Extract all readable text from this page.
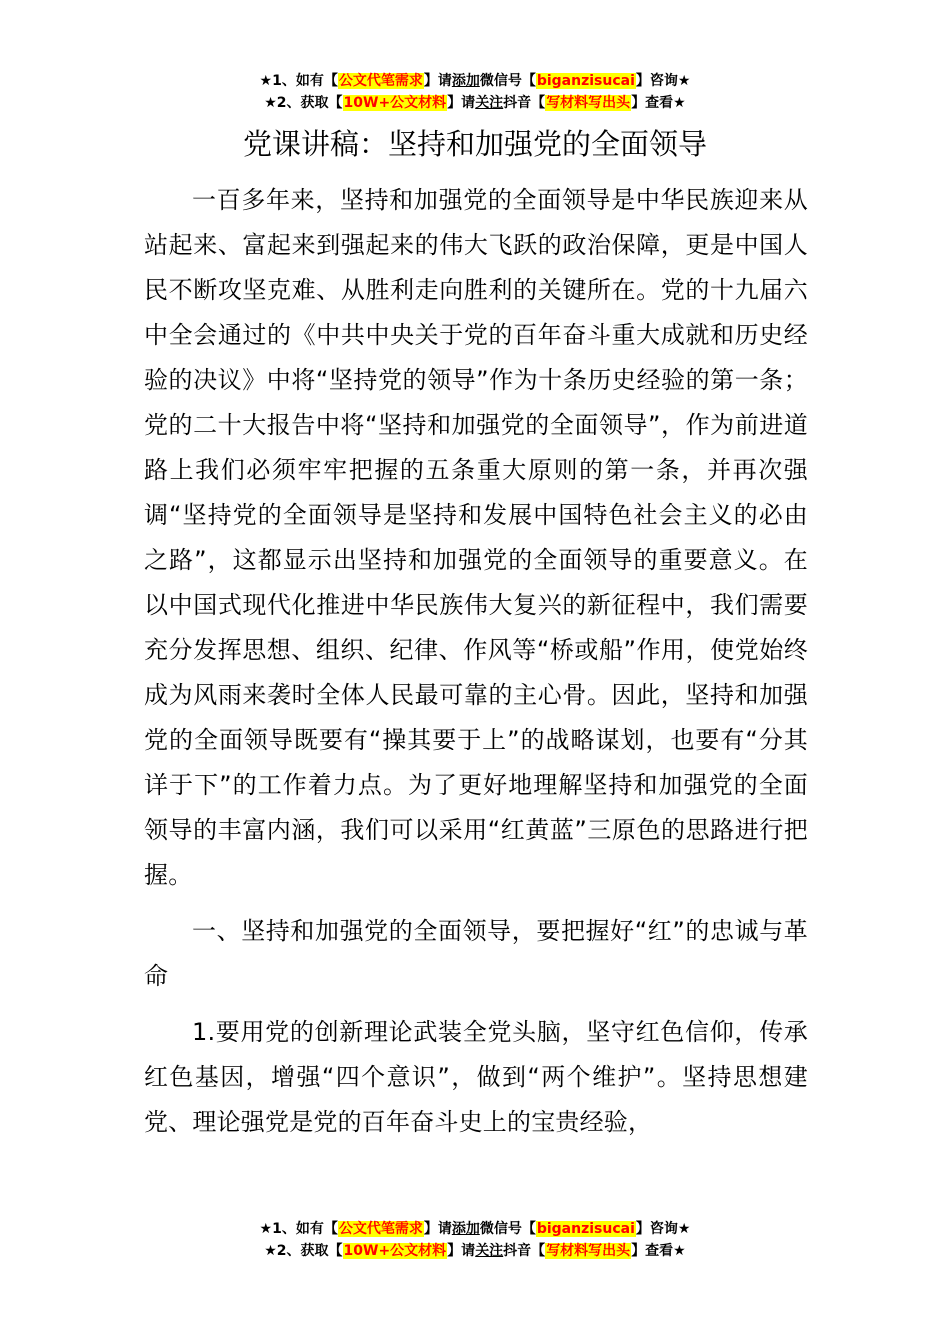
★1、如有【公文代笔需求】请添加微信号【biganzisucai】咨询★
★2、获取【10W+公文材料】请关注抖音【写材料写出头】查看★
党课讲稿：坚持和加强党的全面领导

一百多年来，坚持和加强党的全面领导是中华民族迎来从站起来、富起来到强起来的伟大飞跃的政治保障，更是中国人民不断攻坚克难、从胜利走向胜利的关键所在。党的十九届六中全会通过的《中共中央关于党的百年奋斗重大成就和历史经验的决议》中将“坚持党的领导”作为十条历史经验的第一条；党的二十大报告中将“坚持和加强党的全面领导”，作为前进道路上我们必须牢牢把握的五条重大原则的第一条，并再次强调“坚持党的全面领导是坚持和发展中国特色社会主义的必由之路”，这都显示出坚持和加强党的全面领导的重要意义。在以中国式现代化推进中华民族伟大复兴的新征程中，我们需要充分发挥思想、组织、纪律、作风等“桥或船”作用，使党始终成为风雨来袭时全体人民最可靠的主心骨。因此，坚持和加强党的全面领导既要有“操其要于上”的战略谋划，也要有“分其详于下”的工作着力点。为了更好地理解坚持和加强党的全面领导的丰富内涵，我们可以采用“红黄蓝”三原色的思路进行把握。

一、坚持和加强党的全面领导，要把握好“红”的忠诚与革命

1.要用党的创新理论武装全党头脑，坚守红色信仰，传承红色基因，增强“四个意识”，做到“两个维护”。坚持思想建党、理论强党是党的百年奋斗史上的宝贵经验，

★1、如有【公文代笔需求】请添加微信号【biganzisucai】咨询★
★2、获取【10W+公文材料】请关注抖音【写材料写出头】查看★
